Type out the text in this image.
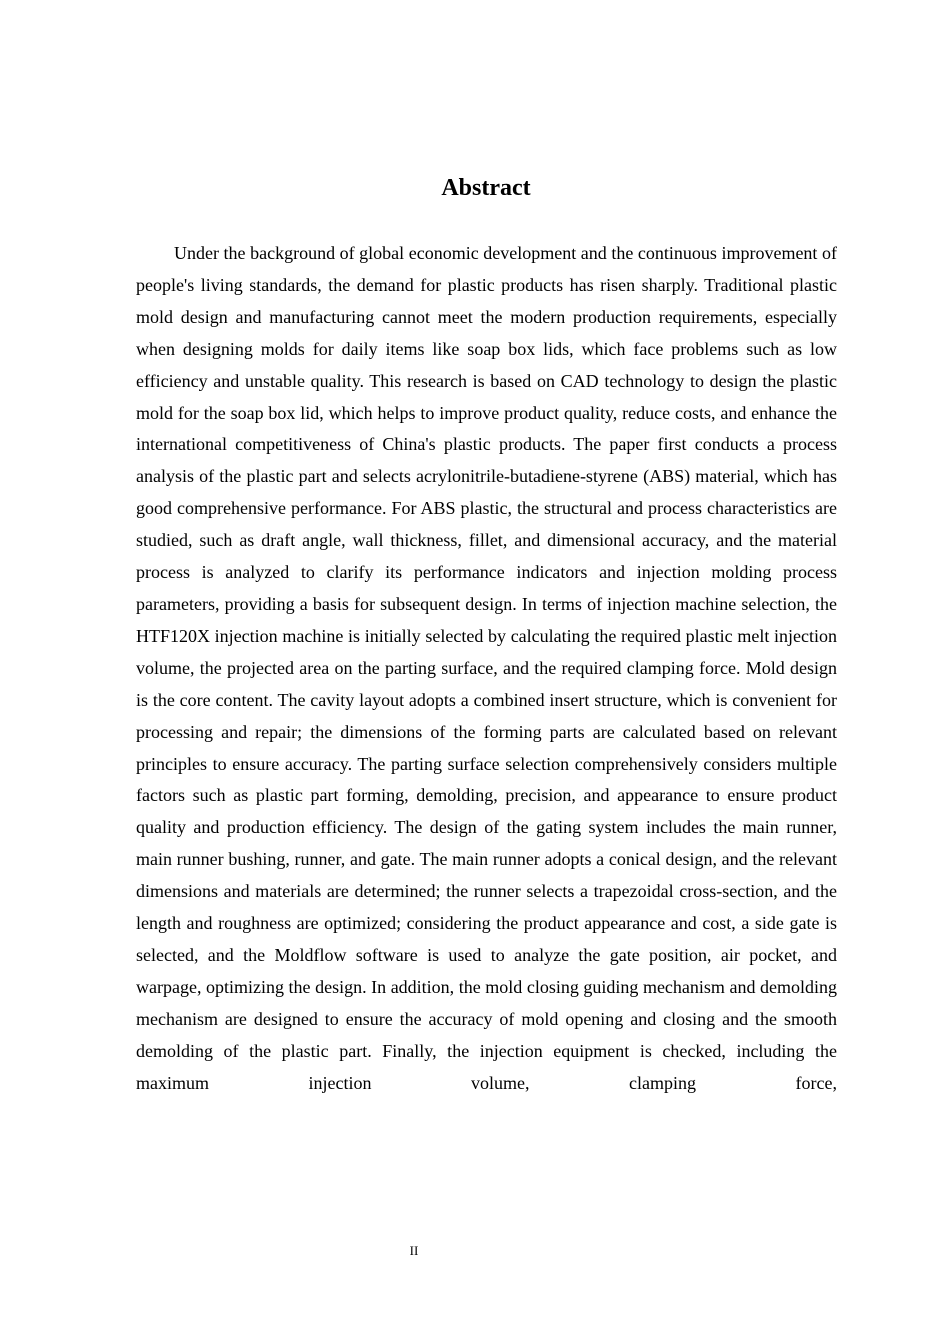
Abstract

Under the background of global economic development and the continuous improvement of people's living standards, the demand for plastic products has risen sharply. Traditional plastic mold design and manufacturing cannot meet the modern production requirements, especially when designing molds for daily items like soap box lids, which face problems such as low efficiency and unstable quality. This research is based on CAD technology to design the plastic mold for the soap box lid, which helps to improve product quality, reduce costs, and enhance the international competitiveness of China's plastic products. The paper first conducts a process analysis of the plastic part and selects acrylonitrile-butadiene-styrene (ABS) material, which has good comprehensive performance. For ABS plastic, the structural and process characteristics are studied, such as draft angle, wall thickness, fillet, and dimensional accuracy, and the material process is analyzed to clarify its performance indicators and injection molding process parameters, providing a basis for subsequent design. In terms of injection machine selection, the HTF120X injection machine is initially selected by calculating the required plastic melt injection volume, the projected area on the parting surface, and the required clamping force. Mold design is the core content. The cavity layout adopts a combined insert structure, which is convenient for processing and repair; the dimensions of the forming parts are calculated based on relevant principles to ensure accuracy. The parting surface selection comprehensively considers multiple factors such as plastic part forming, demolding, precision, and appearance to ensure product quality and production efficiency. The design of the gating system includes the main runner, main runner bushing, runner, and gate. The main runner adopts a conical design, and the relevant dimensions and materials are determined; the runner selects a trapezoidal cross-section, and the length and roughness are optimized; considering the product appearance and cost, a side gate is selected, and the Moldflow software is used to analyze the gate position, air pocket, and warpage, optimizing the design. In addition, the mold closing guiding mechanism and demolding mechanism are designed to ensure the accuracy of mold opening and closing and the smooth demolding of the plastic part. Finally, the injection equipment is checked, including the maximum injection volume, clamping force,

II
